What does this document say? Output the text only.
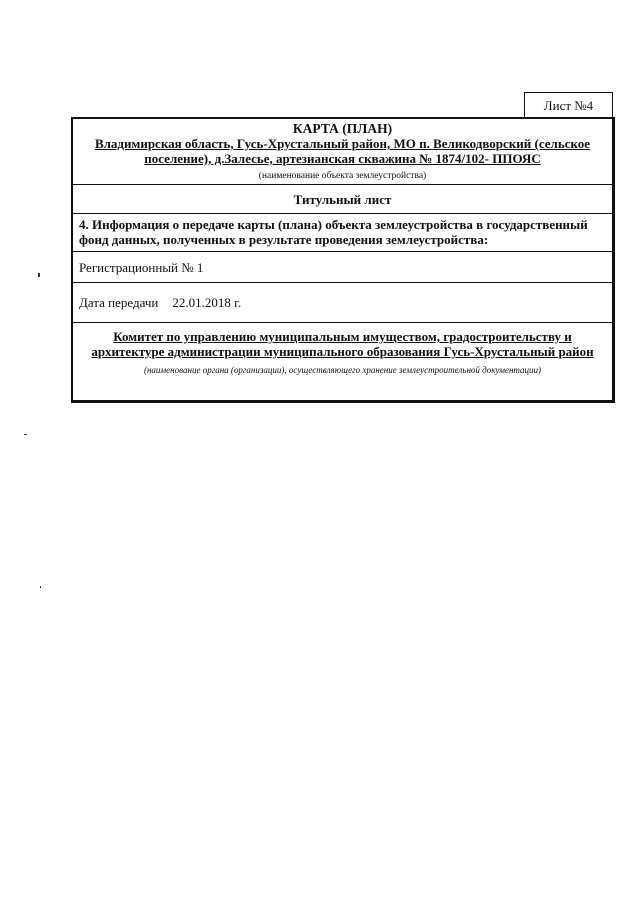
Лист №4
КАРТА (ПЛАН)
Владимирская область, Гусь-Хрустальный район, МО п. Великодворский (сельское
поселение), д.Залесье, артезианская скважина № 1874/102- ППОЯС
(наименование объекта землеустройства)
Титульный лист
4. Информация о передаче карты (плана) объекта землеустройства в государственный
фонд данных, полученных в результате проведения землеустройства:
Регистрационный № 1
Дата передачи 22.01.2018 г.
Комитет по управлению муниципальным имуществом, градостроительству и
архитектуре администрации муниципального образования Гусь-Хрустальный район
(наименование органа (организации), осуществляющего хранение землеустроительной документации)
